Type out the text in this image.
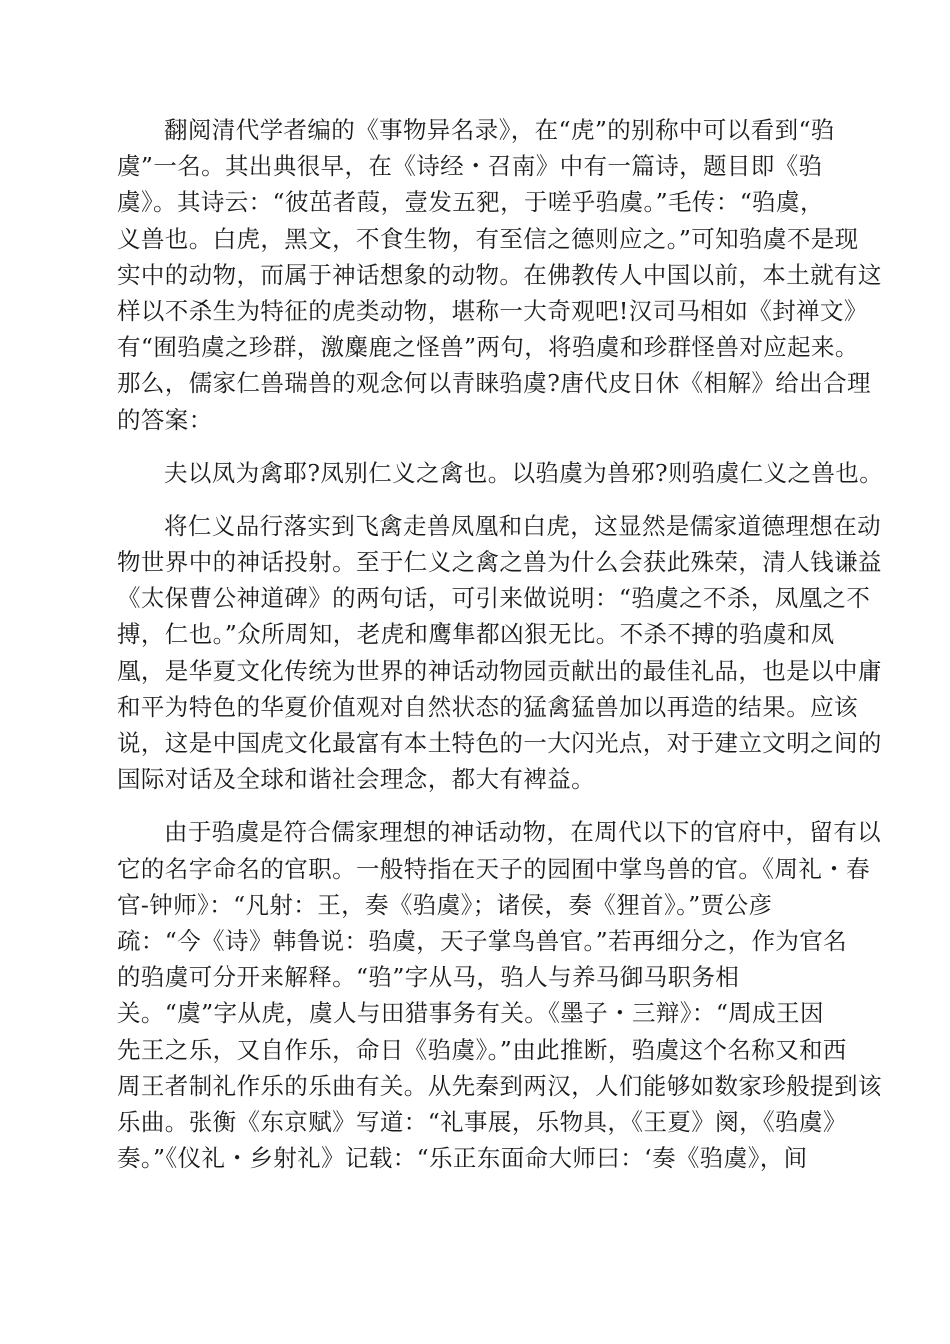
翻阅清代学者编的《事物异名录》，在“虎”的别称中可以看到“驺
虞”一名。其出典很早，在《诗经・召南》中有一篇诗，题目即《驺
虞》。其诗云：“彼茁者葭，壹发五豝，于嗟乎驺虞。”毛传：“驺虞，
义兽也。白虎，黑文，不食生物，有至信之德则应之。”可知驺虞不是现
实中的动物，而属于神话想象的动物。在佛教传人中国以前，本土就有这
样以不杀生为特征的虎类动物，堪称一大奇观吧!汉司马相如《封禅文》
有“囿驺虞之珍群，激麋鹿之怪兽”两句，将驺虞和珍群怪兽对应起来。
那么，儒家仁兽瑞兽的观念何以青睐驺虞?唐代皮日休《相解》给出合理
的答案：
夫以凤为禽耶?凤别仁义之禽也。以驺虞为兽邪?则驺虞仁义之兽也。
将仁义品行落实到飞禽走兽凤凰和白虎，这显然是儒家道德理想在动
物世界中的神话投射。至于仁义之禽之兽为什么会获此殊荣，清人钱谦益
《太保曹公神道碑》的两句话，可引来做说明：“驺虞之不杀，凤凰之不
搏，仁也。”众所周知，老虎和鹰隼都凶狠无比。不杀不搏的驺虞和凤
凰，是华夏文化传统为世界的神话动物园贡献出的最佳礼品，也是以中庸
和平为特色的华夏价值观对自然状态的猛禽猛兽加以再造的结果。应该
说，这是中国虎文化最富有本土特色的一大闪光点，对于建立文明之间的
国际对话及全球和谐社会理念，都大有裨益。
由于驺虞是符合儒家理想的神话动物，在周代以下的官府中，留有以
它的名字命名的官职。一般特指在天子的园囿中掌鸟兽的官。《周礼・春
官-钟师》：“凡射：王，奏《驺虞》；诸侯，奏《狸首》。”贾公彦
疏：“今《诗》韩鲁说：驺虞，天子掌鸟兽官。”若再细分之，作为官名
的驺虞可分开来解释。“驺”字从马，驺人与养马御马职务相
关。“虞”字从虎，虞人与田猎事务有关。《墨子・三辩》：“周成王因
先王之乐，又自作乐，命日《驺虞》。”由此推断，驺虞这个名称又和西
周王者制礼作乐的乐曲有关。从先秦到两汉，人们能够如数家珍般提到该
乐曲。张衡《东京赋》写道：“礼事展，乐物具，《王夏》阕，《驺虞》
奏。”《仪礼・乡射礼》记载：“乐正东面命大师曰：‘奏《驺虞》，间
